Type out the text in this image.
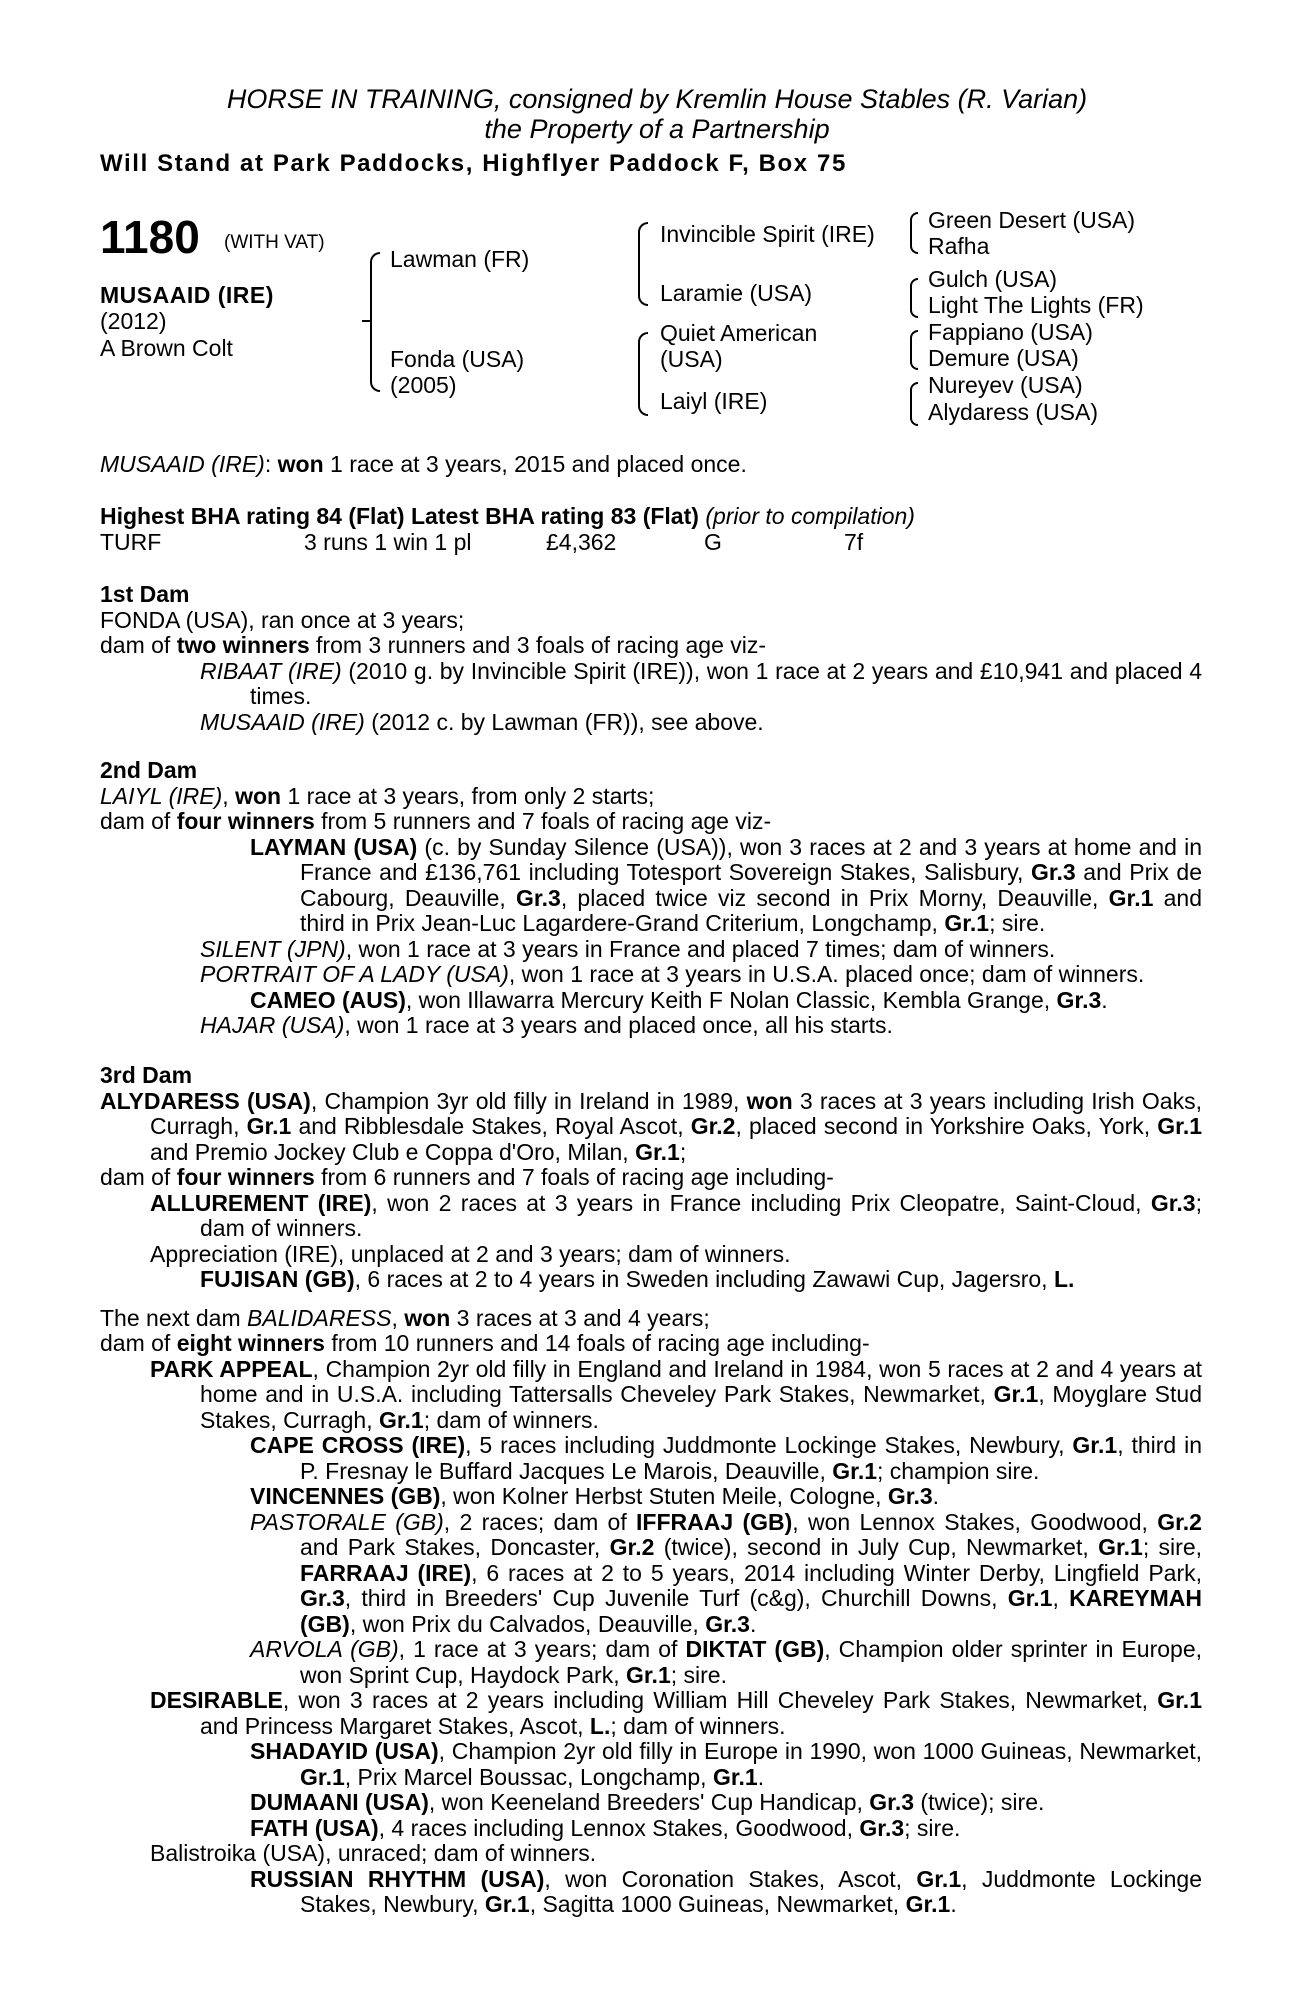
HORSE IN TRAINING, consigned by Kremlin House Stables (R. Varian)
the Property of a Partnership
Will Stand at Park Paddocks, Highflyer Paddock F, Box 75
1180 (WITH VAT)
MUSAAID (IRE)
(2012)
A Brown Colt
Lawman (FR)
Fonda (USA)
(2005)
Invincible Spirit (IRE)
Laramie (USA)
Quiet American
(USA)
Laiyl (IRE)
Green Desert (USA)
Rafha
Gulch (USA)
Light The Lights (FR)
Fappiano (USA)
Demure (USA)
Nureyev (USA)
Alydaress (USA)

MUSAAID (IRE): won 1 race at 3 years, 2015 and placed once.

Highest BHA rating 84 (Flat) Latest BHA rating 83 (Flat) (prior to compilation)

TURF	3 runs 1 win 1 pl	£4,362	G	7f

1st Dam

FONDA (USA), ran once at 3 years;

dam of two winners from 3 runners and 3 foals of racing age viz-

RIBAAT (IRE) (2010 g. by Invincible Spirit (IRE)), won 1 race at 2 years and £10,941 and placed 4 times.

MUSAAID (IRE) (2012 c. by Lawman (FR)), see above.

2nd Dam

LAIYL (IRE), won 1 race at 3 years, from only 2 starts;

dam of four winners from 5 runners and 7 foals of racing age viz-

LAYMAN (USA) (c. by Sunday Silence (USA)), won 3 races at 2 and 3 years at home and in France and £136,761 including Totesport Sovereign Stakes, Salisbury, Gr.3 and Prix de Cabourg, Deauville, Gr.3, placed twice viz second in Prix Morny, Deauville, Gr.1 and third in Prix Jean-Luc Lagardere-Grand Criterium, Longchamp, Gr.1; sire.

SILENT (JPN), won 1 race at 3 years in France and placed 7 times; dam of winners.

PORTRAIT OF A LADY (USA), won 1 race at 3 years in U.S.A. placed once; dam of winners.

CAMEO (AUS), won Illawarra Mercury Keith F Nolan Classic, Kembla Grange, Gr.3.

HAJAR (USA), won 1 race at 3 years and placed once, all his starts.

3rd Dam

ALYDARESS (USA), Champion 3yr old filly in Ireland in 1989, won 3 races at 3 years including Irish Oaks, Curragh, Gr.1 and Ribblesdale Stakes, Royal Ascot, Gr.2, placed second in Yorkshire Oaks, York, Gr.1 and Premio Jockey Club e Coppa d'Oro, Milan, Gr.1;

dam of four winners from 6 runners and 7 foals of racing age including-

ALLUREMENT (IRE), won 2 races at 3 years in France including Prix Cleopatre, Saint-Cloud, Gr.3; dam of winners.

Appreciation (IRE), unplaced at 2 and 3 years; dam of winners.

FUJISAN (GB), 6 races at 2 to 4 years in Sweden including Zawawi Cup, Jagersro, L.

The next dam BALIDARESS, won 3 races at 3 and 4 years;

dam of eight winners from 10 runners and 14 foals of racing age including-

PARK APPEAL, Champion 2yr old filly in England and Ireland in 1984, won 5 races at 2 and 4 years at home and in U.S.A. including Tattersalls Cheveley Park Stakes, Newmarket, Gr.1, Moyglare Stud Stakes, Curragh, Gr.1; dam of winners.

CAPE CROSS (IRE), 5 races including Juddmonte Lockinge Stakes, Newbury, Gr.1, third in P. Fresnay le Buffard Jacques Le Marois, Deauville, Gr.1; champion sire.

VINCENNES (GB), won Kolner Herbst Stuten Meile, Cologne, Gr.3.

PASTORALE (GB), 2 races; dam of IFFRAAJ (GB), won Lennox Stakes, Goodwood, Gr.2 and Park Stakes, Doncaster, Gr.2 (twice), second in July Cup, Newmarket, Gr.1; sire, FARRAAJ (IRE), 6 races at 2 to 5 years, 2014 including Winter Derby, Lingfield Park, Gr.3, third in Breeders' Cup Juvenile Turf (c&g), Churchill Downs, Gr.1, KAREYMAH (GB), won Prix du Calvados, Deauville, Gr.3.

ARVOLA (GB), 1 race at 3 years; dam of DIKTAT (GB), Champion older sprinter in Europe, won Sprint Cup, Haydock Park, Gr.1; sire.

DESIRABLE, won 3 races at 2 years including William Hill Cheveley Park Stakes, Newmarket, Gr.1 and Princess Margaret Stakes, Ascot, L.; dam of winners.

SHADAYID (USA), Champion 2yr old filly in Europe in 1990, won 1000 Guineas, Newmarket, Gr.1, Prix Marcel Boussac, Longchamp, Gr.1.

DUMAANI (USA), won Keeneland Breeders' Cup Handicap, Gr.3 (twice); sire.

FATH (USA), 4 races including Lennox Stakes, Goodwood, Gr.3; sire.

Balistroika (USA), unraced; dam of winners.

RUSSIAN RHYTHM (USA), won Coronation Stakes, Ascot, Gr.1, Juddmonte Lockinge Stakes, Newbury, Gr.1, Sagitta 1000 Guineas, Newmarket, Gr.1.
